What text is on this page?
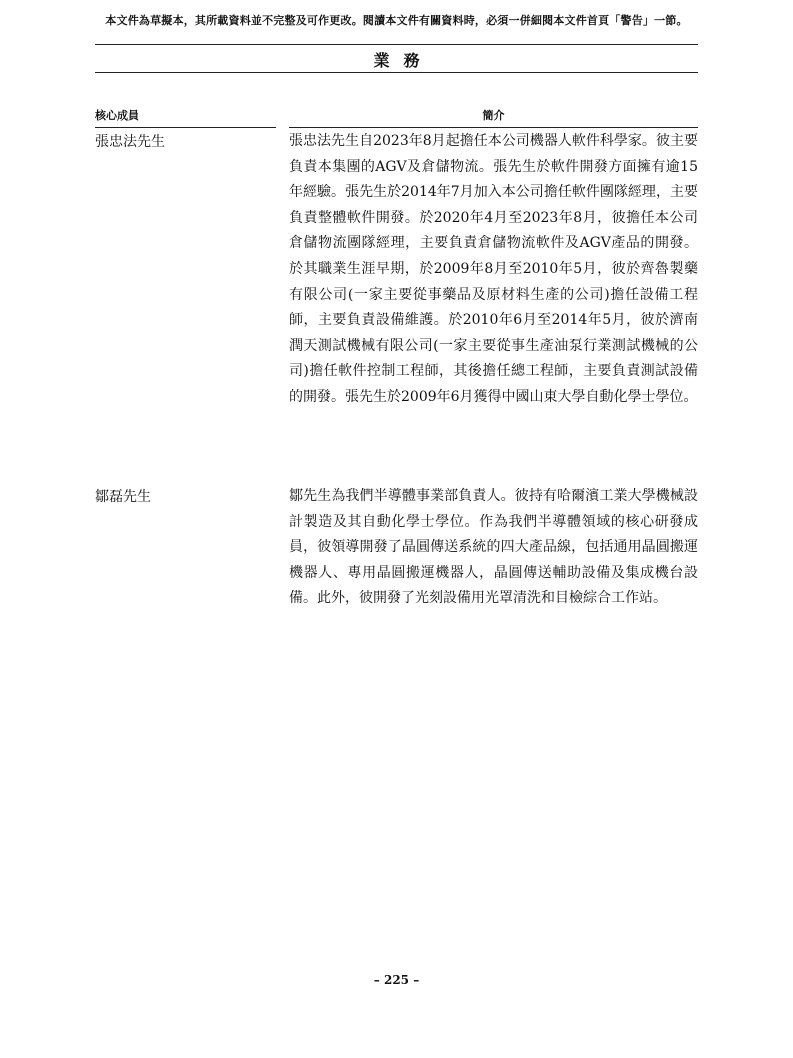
本文件為草擬本，其所載資料並不完整及可作更改。閱讀本文件有關資料時，必須一併細閱本文件首頁「警告」一節。
業務
核心成員	簡介
張忠法先生	張忠法先生自2023年8月起擔任本公司機器人軟件科學家。彼主要負責本集團的AGV及倉儲物流。張先生於軟件開發方面擁有逾15年經驗。張先生於2014年7月加入本公司擔任軟件團隊經理，主要負責整體軟件開發。於2020年4月至2023年8月，彼擔任本公司倉儲物流團隊經理，主要負責倉儲物流軟件及AGV產品的開發。於其職業生涯早期，於2009年8月至2010年5月，彼於齊魯製藥有限公司(一家主要從事藥品及原材料生產的公司)擔任設備工程師，主要負責設備維護。於2010年6月至2014年5月，彼於濟南潤天測試機械有限公司(一家主要從事生產油泵行業測試機械的公司)擔任軟件控制工程師，其後擔任總工程師，主要負責測試設備的開發。張先生於2009年6月獲得中國山東大學自動化學士學位。
鄒磊先生	鄒先生為我們半導體事業部負責人。彼持有哈爾濱工業大學機械設計製造及其自動化學士學位。作為我們半導體領域的核心研發成員，彼領導開發了晶圓傳送系統的四大產品線，包括通用晶圓搬運機器人、專用晶圓搬運機器人，晶圓傳送輔助設備及集成機台設備。此外，彼開發了光刻設備用光罩清洗和目檢綜合工作站。
– 225 –
